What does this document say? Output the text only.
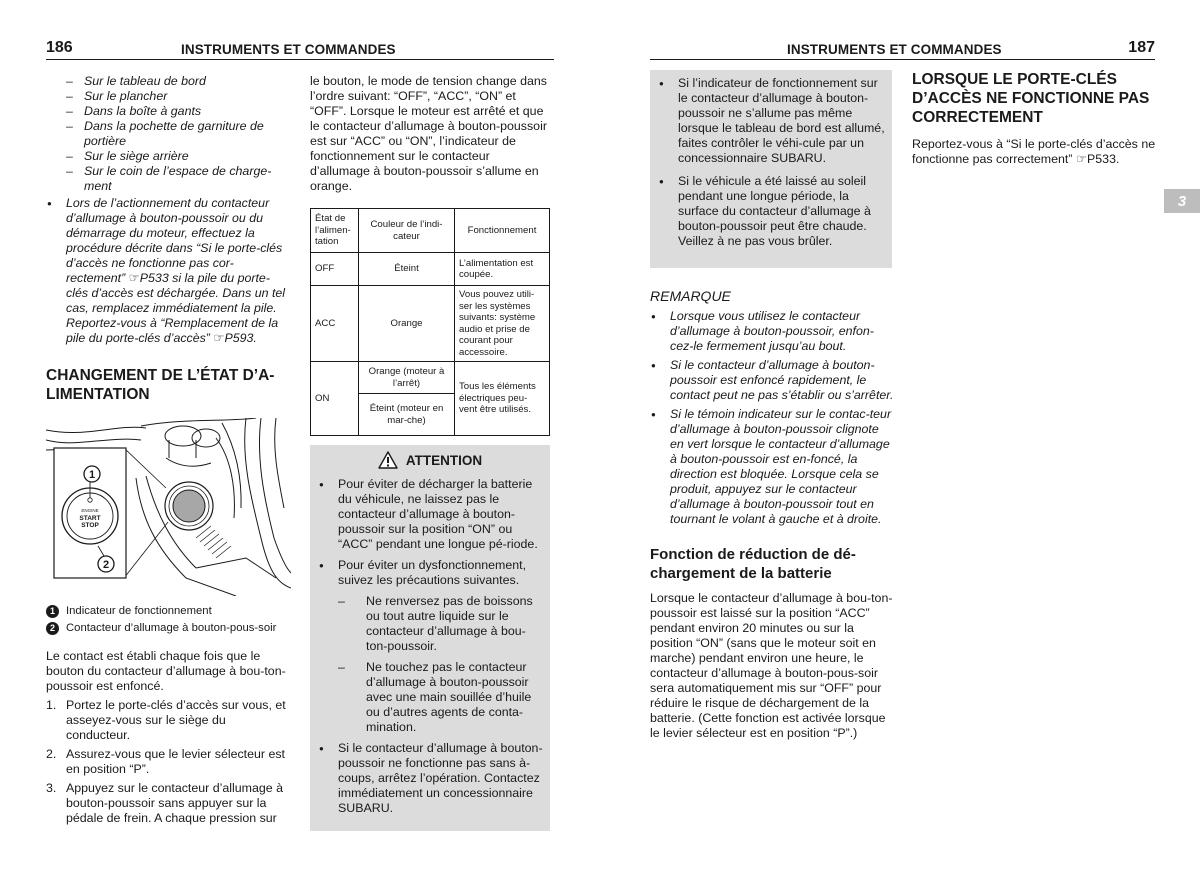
186	INSTRUMENTS ET COMMANDES
– Sur le tableau de bord
– Sur le plancher
– Dans la boîte à gants
– Dans la pochette de garniture de portière
– Sur le siège arrière
– Sur le coin de l’espace de charge-ment

● Lors de l’actionnement du contacteur d’allumage à bouton-poussoir ou du démarrage du moteur, effectuez la procédure décrite dans “Si le porte-clés d’accès ne fonctionne pas cor-rectement” ☞P533 si la pile du porte-clés d’accès est déchargée. Dans un tel cas, remplacez immédiatement la pile. Reportez-vous à “Remplacement de la pile du porte-clés d’accès” ☞P593.

CHANGEMENT DE L’ÉTAT D’A-LIMENTATION
ENGINE
START
STOP
1
2
1 Indicateur de fonctionnement
2 Contacteur d’allumage à bouton-pous-soir

Le contact est établi chaque fois que le bouton du contacteur d’allumage à bou-ton-poussoir est enfoncé.

1. Portez le porte-clés d’accès sur vous, et asseyez-vous sur le siège du conducteur.
2. Assurez-vous que le levier sélecteur est en position “P”.
3. Appuyez sur le contacteur d’allumage à bouton-poussoir sans appuyer sur la pédale de frein. A chaque pression sur

le bouton, le mode de tension change dans l’ordre suivant: “OFF”, “ACC”, “ON” et “OFF”. Lorsque le moteur est arrêté et que le contacteur d’allumage à bouton-poussoir est sur “ACC” ou “ON”, l’indicateur de fonctionnement sur le contacteur d’allumage à bouton-poussoir s’allume en orange.

État de l’alimen-tation	Couleur de l’indi-cateur	Fonctionnement
OFF	Éteint	L’alimentation est coupée.
ACC	Orange	Vous pouvez utili-ser les systèmes suivants: système audio et prise de courant pour accessoire.
ON	Orange (moteur à l’arrêt)	Tous les éléments électriques peu-vent être utilisés.
	Éteint (moteur en mar-che)	
ATTENTION

● Pour éviter de décharger la batterie du véhicule, ne laissez pas le contacteur d’allumage à bouton-poussoir sur la position “ON” ou “ACC” pendant une longue pé-riode.

● Pour éviter un dysfonctionnement, suivez les précautions suivantes.

– Ne renversez pas de boissons ou tout autre liquide sur le contacteur d’allumage à bou-ton-poussoir.
– Ne touchez pas le contacteur d’allumage à bouton-poussoir avec une main souillée d’huile ou d’autres agents de conta-mination.

● Si le contacteur d’allumage à bouton-poussoir ne fonctionne pas sans à-coups, arrêtez l’opération. Contactez immédiatement un concessionnaire SUBARU.

INSTRUMENTS ET COMMANDES	187

● Si l’indicateur de fonctionnement sur le contacteur d’allumage à bouton-poussoir ne s’allume pas même lorsque le tableau de bord est allumé, faites contrôler le véhi-cule par un concessionnaire SUBARU.

● Si le véhicule a été laissé au soleil pendant une longue période, la surface du contacteur d’allumage à bouton-poussoir peut être chaude. Veillez à ne pas vous brûler.

REMARQUE

● Lorsque vous utilisez le contacteur d’allumage à bouton-poussoir, enfon-cez-le fermement jusqu’au bout.

● Si le contacteur d’allumage à bouton-poussoir est enfoncé rapidement, le contact peut ne pas s’établir ou s’arrêter.

● Si le témoin indicateur sur le contac-teur d’allumage à bouton-poussoir clignote en vert lorsque le contacteur d’allumage à bouton-poussoir est en-foncé, la direction est bloquée. Lorsque cela se produit, appuyez sur le contacteur d’allumage à bouton-poussoir tout en tournant le volant à gauche et à droite.

Fonction de réduction de dé-chargement de la batterie

Lorsque le contacteur d’allumage à bou-ton-poussoir est laissé sur la position “ACC” pendant environ 20 minutes ou sur la position “ON” (sans que le moteur soit en marche) pendant environ une heure, le contacteur d’allumage à bouton-pous-soir sera automatiquement mis sur “OFF” pour réduire le risque de déchargement de la batterie. (Cette fonction est activée lorsque le levier sélecteur est en position “P”.)

LORSQUE LE PORTE-CLÉS D’ACCÈS NE FONCTIONNE PAS CORRECTEMENT

Reportez-vous à “Si le porte-clés d’accès ne fonctionne pas correctement” ☞P533.

3
